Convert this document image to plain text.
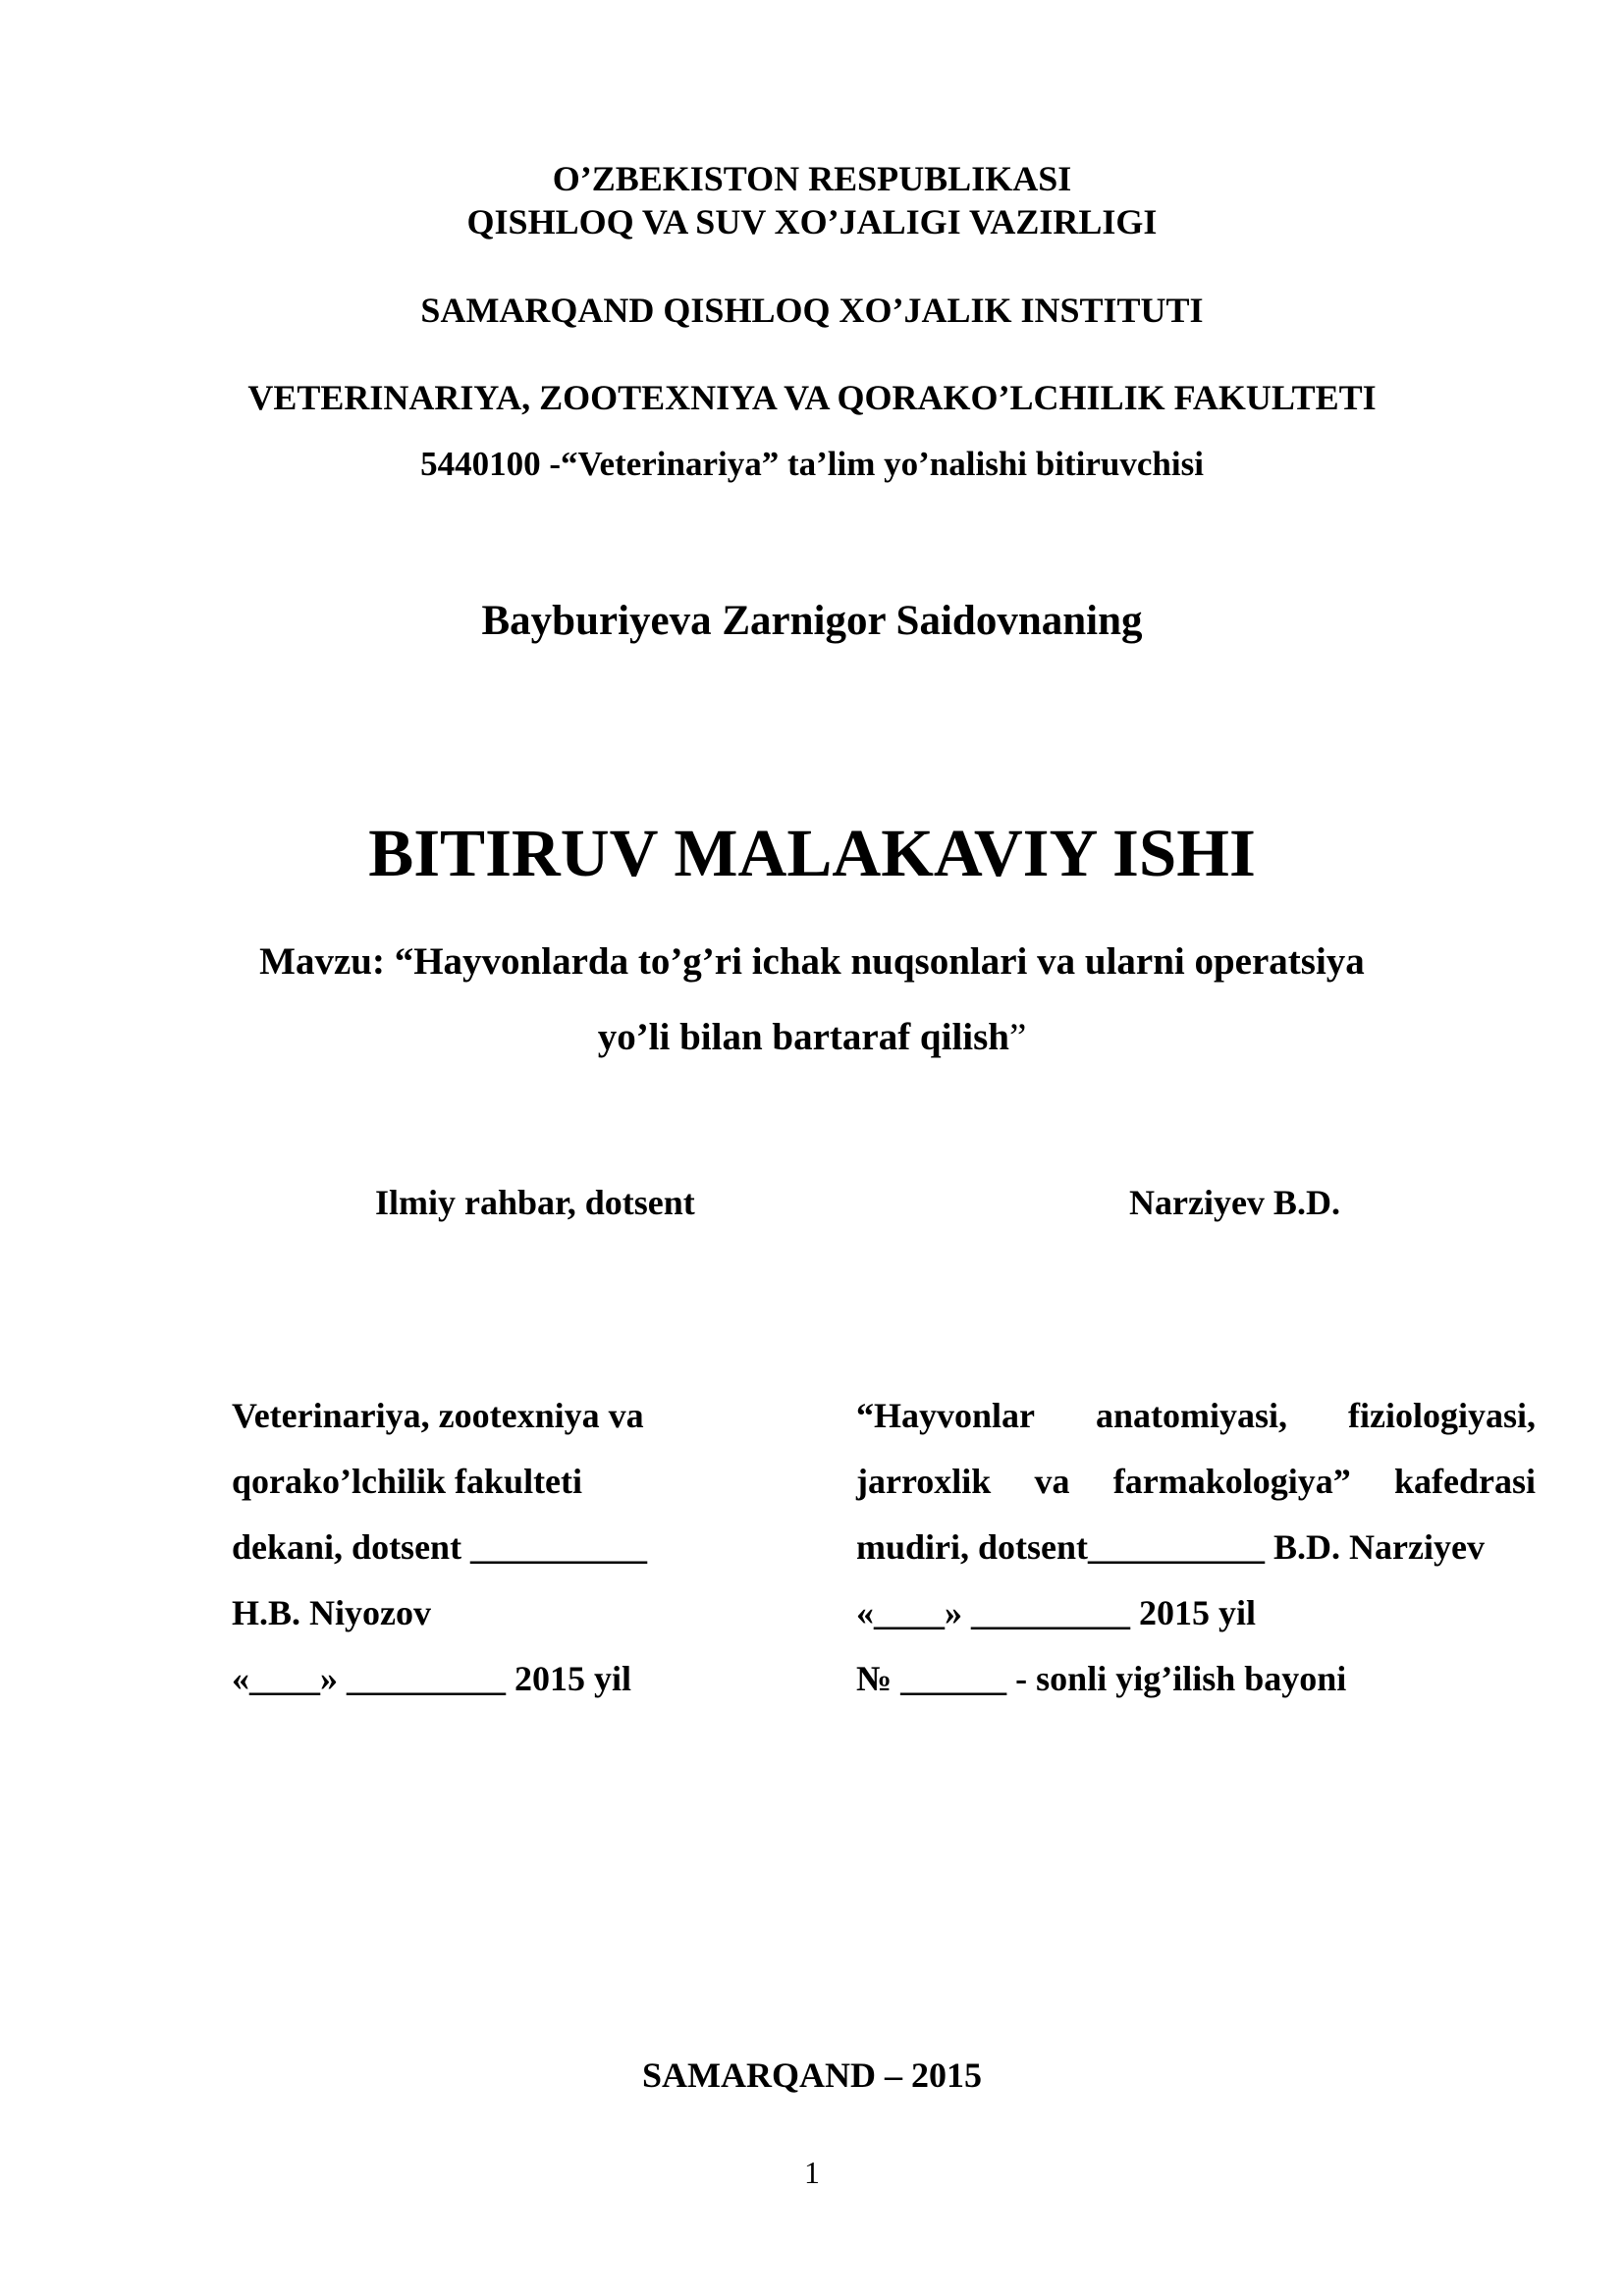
O’ZBEKISTON RESPUBLIKASI
QISHLOQ VA SUV XO’JALIGI VAZIRLIGI
SAMARQAND QISHLOQ XO’JALIK INSTITUTI
VETERINARIYA, ZOOTEXNIYA VA QORAKO’LCHILIK FAKULTETI
5440100 -“Veterinariya” ta’lim yo’nalishi bitiruvchisi
Bayburiyeva Zarnigor Saidovnaning
BITIRUV MALAKAVIY ISHI
Mavzu: “Hayvonlarda to’g’ri ichak nuqsonlari va ularni operatsiya
yo’li bilan bartaraf qilish”
Ilmiy rahbar, dotsent	Narziyev B.D.
Veterinariya, zootexniya va
qorako’lchilik fakulteti
dekani, dotsent __________
H.B. Niyozov
«____» _________ 2015 yil
“Hayvonlar anatomiyasi, fiziologiyasi,
jarroxlik va farmakologiya” kafedrasi
mudiri, dotsent__________ B.D. Narziyev
«____» _________ 2015 yil
№ ______ - sonli yig’ilish bayoni
SAMARQAND – 2015
1
